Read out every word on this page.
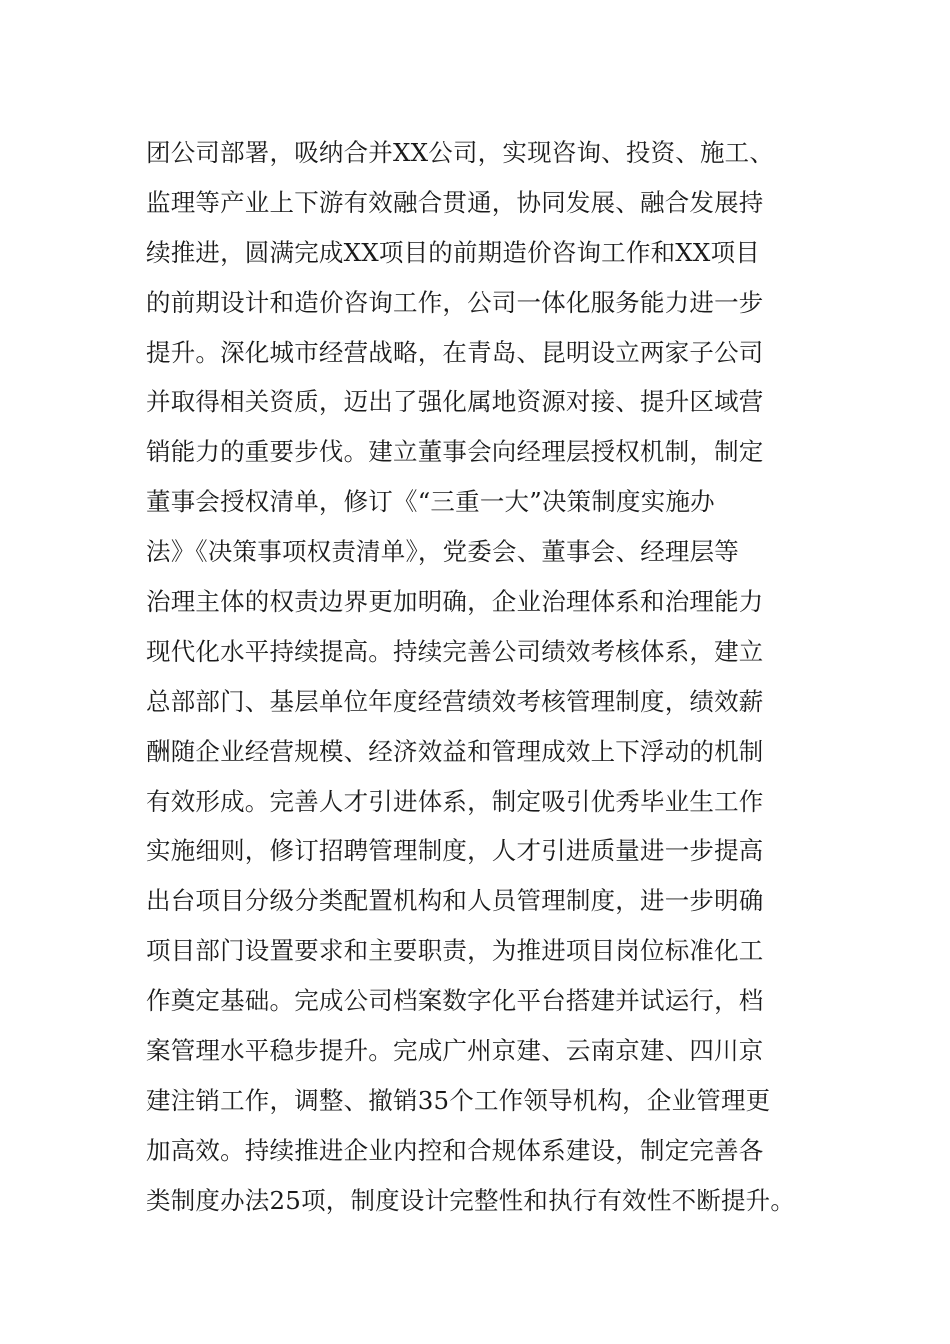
团公司部署，吸纳合并XX公司，实现咨询、投资、施工、
监理等产业上下游有效融合贯通，协同发展、融合发展持
续推进，圆满完成XX项目的前期造价咨询工作和XX项目
的前期设计和造价咨询工作，公司一体化服务能力进一步
提升。深化城市经营战略，在青岛、昆明设立两家子公司
并取得相关资质，迈出了强化属地资源对接、提升区域营
销能力的重要步伐。建立董事会向经理层授权机制，制定
董事会授权清单，修订《“三重一大”决策制度实施办
法》《决策事项权责清单》，党委会、董事会、经理层等
治理主体的权责边界更加明确，企业治理体系和治理能力
现代化水平持续提高。持续完善公司绩效考核体系，建立
总部部门、基层单位年度经营绩效考核管理制度，绩效薪
酬随企业经营规模、经济效益和管理成效上下浮动的机制
有效形成。完善人才引进体系，制定吸引优秀毕业生工作
实施细则，修订招聘管理制度，人才引进质量进一步提高
出台项目分级分类配置机构和人员管理制度，进一步明确
项目部门设置要求和主要职责，为推进项目岗位标准化工
作奠定基础。完成公司档案数字化平台搭建并试运行，档
案管理水平稳步提升。完成广州京建、云南京建、四川京
建注销工作，调整、撤销35个工作领导机构，企业管理更
加高效。持续推进企业内控和合规体系建设，制定完善各
类制度办法25项，制度设计完整性和执行有效性不断提升。
